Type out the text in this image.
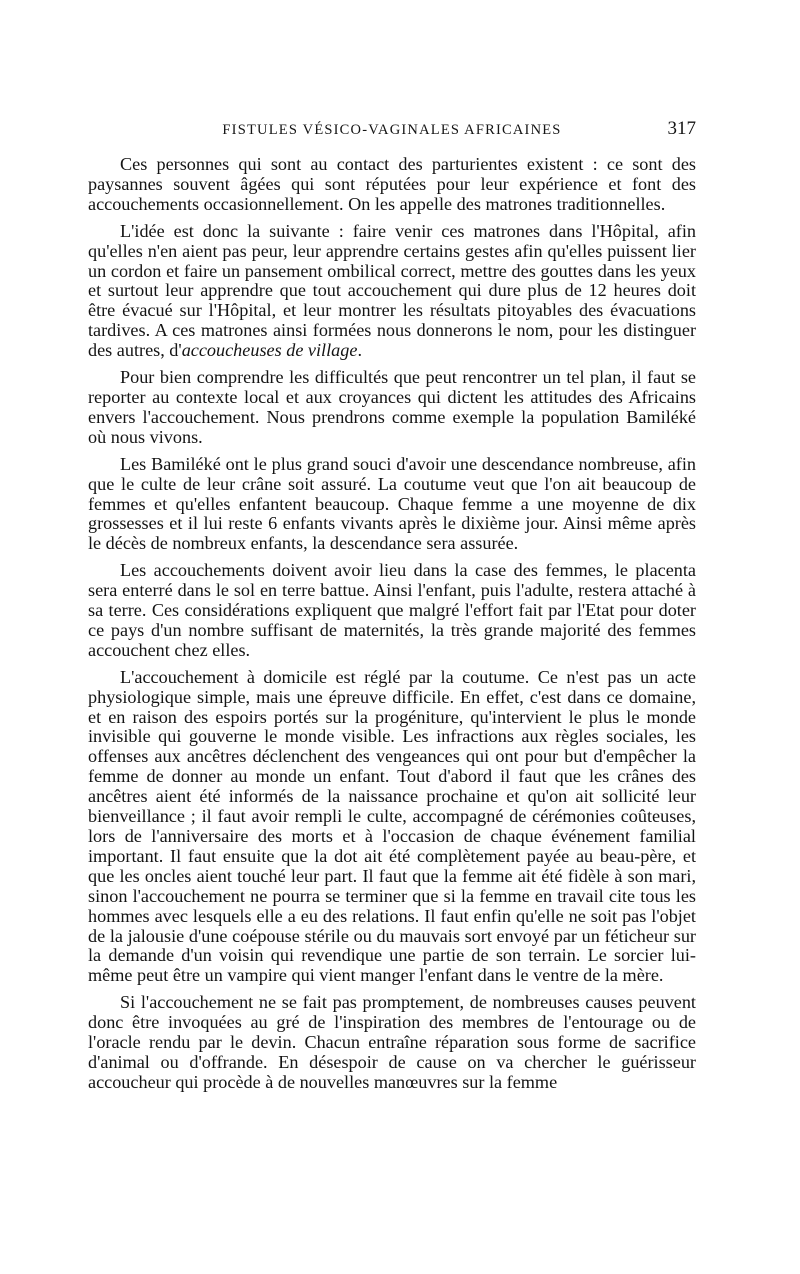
FISTULES VÉSICO-VAGINALES AFRICAINES	317

Ces personnes qui sont au contact des parturientes existent : ce sont des paysannes souvent âgées qui sont réputées pour leur expérience et font des accouchements occasionnellement. On les appelle des matrones traditionnelles.

L'idée est donc la suivante : faire venir ces matrones dans l'Hôpital, afin qu'elles n'en aient pas peur, leur apprendre certains gestes afin qu'elles puissent lier un cordon et faire un pansement ombilical correct, mettre des gouttes dans les yeux et surtout leur apprendre que tout accouchement qui dure plus de 12 heures doit être évacué sur l'Hôpital, et leur montrer les résultats pitoyables des évacuations tardives. A ces matrones ainsi formées nous donnerons le nom, pour les distinguer des autres, d'accoucheuses de village.

Pour bien comprendre les difficultés que peut rencontrer un tel plan, il faut se reporter au contexte local et aux croyances qui dictent les attitudes des Africains envers l'accouchement. Nous prendrons comme exemple la population Bamiléké où nous vivons.

Les Bamiléké ont le plus grand souci d'avoir une descendance nombreuse, afin que le culte de leur crâne soit assuré. La coutume veut que l'on ait beaucoup de femmes et qu'elles enfantent beaucoup. Chaque femme a une moyenne de dix grossesses et il lui reste 6 enfants vivants après le dixième jour. Ainsi même après le décès de nombreux enfants, la descendance sera assurée.

Les accouchements doivent avoir lieu dans la case des femmes, le placenta sera enterré dans le sol en terre battue. Ainsi l'enfant, puis l'adulte, restera attaché à sa terre. Ces considérations expliquent que malgré l'effort fait par l'Etat pour doter ce pays d'un nombre suffisant de maternités, la très grande majorité des femmes accouchent chez elles.

L'accouchement à domicile est réglé par la coutume. Ce n'est pas un acte physiologique simple, mais une épreuve difficile. En effet, c'est dans ce domaine, et en raison des espoirs portés sur la progéniture, qu'intervient le plus le monde invisible qui gouverne le monde visible. Les infractions aux règles sociales, les offenses aux ancêtres déclenchent des vengeances qui ont pour but d'empêcher la femme de donner au monde un enfant. Tout d'abord il faut que les crânes des ancêtres aient été informés de la naissance prochaine et qu'on ait sollicité leur bienveillance ; il faut avoir rempli le culte, accompagné de cérémonies coûteuses, lors de l'anniversaire des morts et à l'occasion de chaque événement familial important. Il faut ensuite que la dot ait été complètement payée au beau-père, et que les oncles aient touché leur part. Il faut que la femme ait été fidèle à son mari, sinon l'accouchement ne pourra se terminer que si la femme en travail cite tous les hommes avec lesquels elle a eu des relations. Il faut enfin qu'elle ne soit pas l'objet de la jalousie d'une coépouse stérile ou du mauvais sort envoyé par un féticheur sur la demande d'un voisin qui revendique une partie de son terrain. Le sorcier lui-même peut être un vampire qui vient manger l'enfant dans le ventre de la mère.

Si l'accouchement ne se fait pas promptement, de nombreuses causes peuvent donc être invoquées au gré de l'inspiration des membres de l'entourage ou de l'oracle rendu par le devin. Chacun entraîne réparation sous forme de sacrifice d'animal ou d'offrande. En désespoir de cause on va chercher le guérisseur accoucheur qui procède à de nouvelles manœuvres sur la femme
